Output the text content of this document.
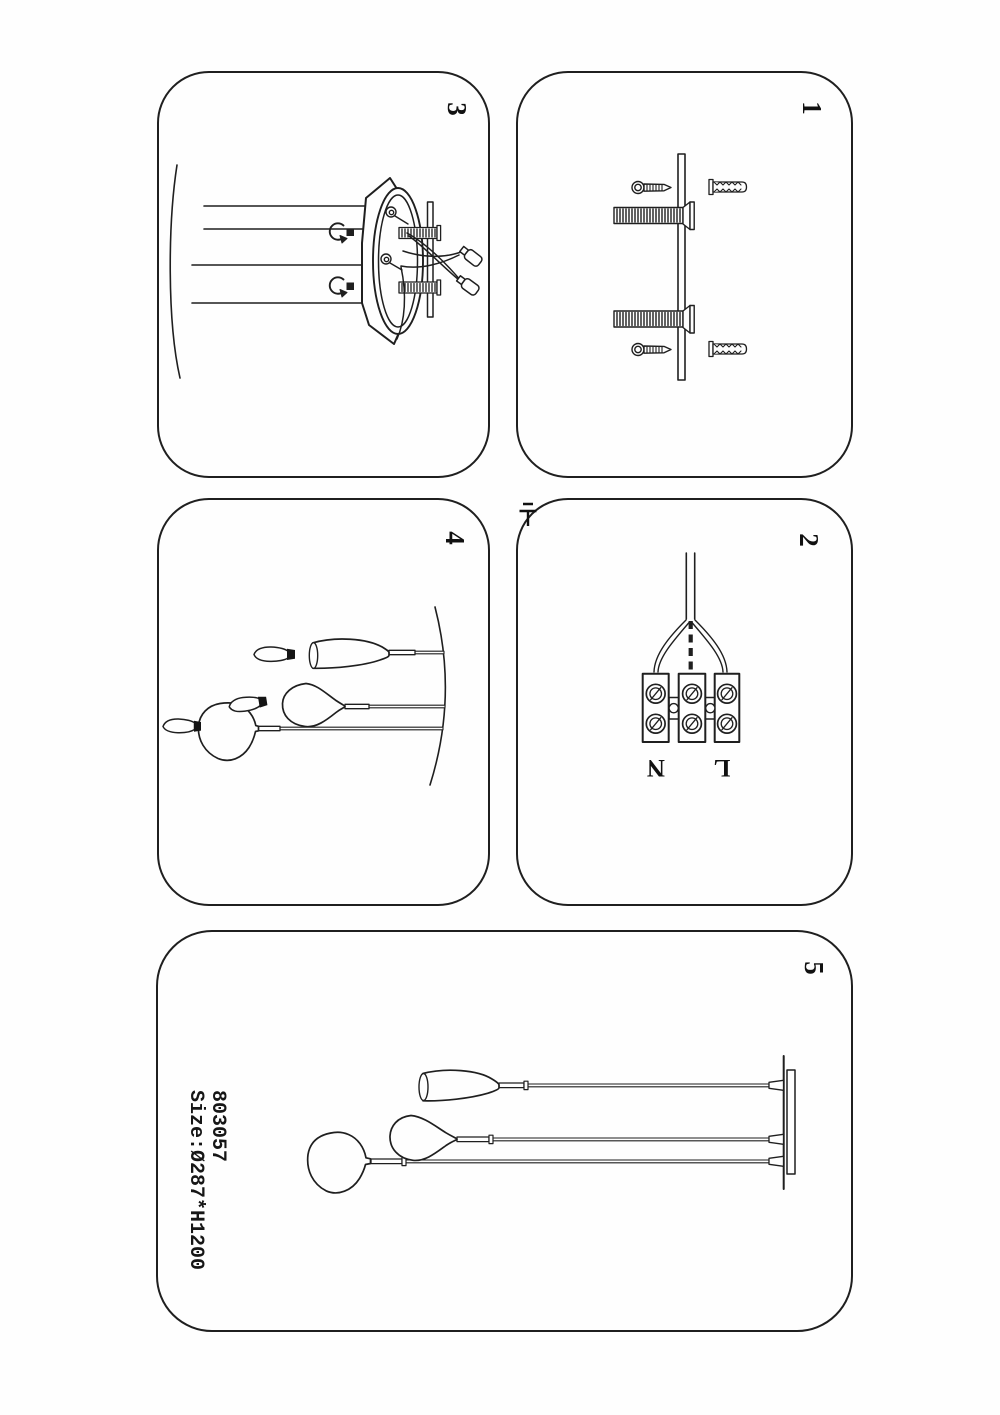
3	1
4
N L
2
803057
Size:Ø287*H1200
5
